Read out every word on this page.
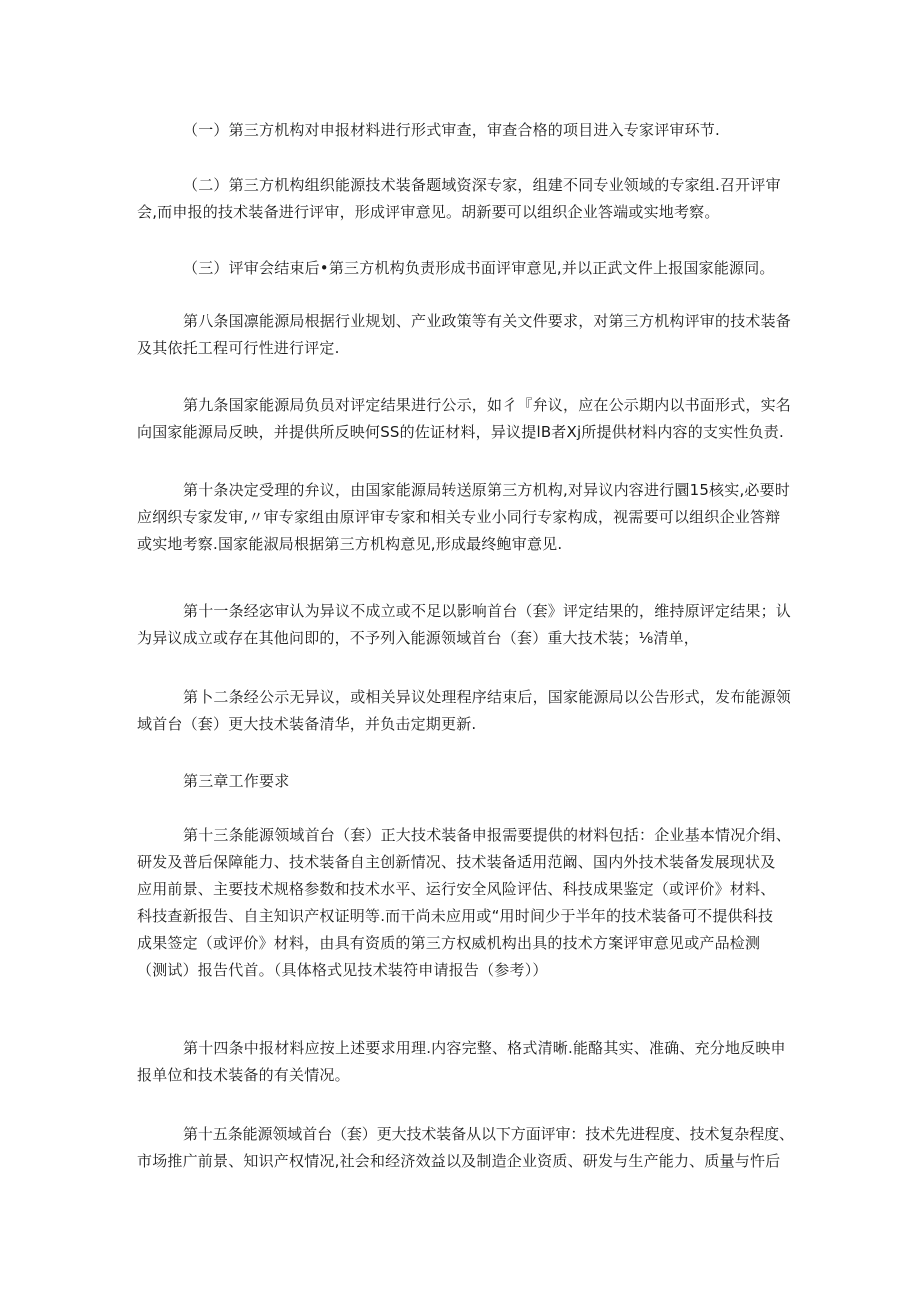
（一）第三方机构对申报材料进行形式审查，审查合格的项目进入专家评审环节.
（二）第三方机构组织能源技术装备题域资深专家，组建不同专业领域的专家组.召开评审
会,而申报的技术装备进行评审，形成评审意见。胡新要可以组织企业答端或实地考察。
（三）评审会结束后•第三方机构负责形成书面评审意见,并以正武文件上报国家能源同。
第八条国凛能源局根据行业规划、产业政策等有关文件要求，对第三方机构评审的技术装备
及其依托工程可行性进行评定.
第九条国家能源局负员对评定结果进行公示，如彳『弁议，应在公示期内以书面形式，实名
向国家能源局反映，并提供所反映何SS的佐证材料，异议提lB者Xj所提供材料内容的支实性负责.
第十条决定受理的弁议，由国家能源局转送原第三方机构,对异议内容进行圜15核实,必要时
应纲织专家发审,〃审专家组由原评审专家和相关专业小同行专家构成，视需要可以组织企业答辩
或实地考察.国家能淑局根据第三方机构意见,形成最终鲍审意见.
第十一条经宓审认为异议不成立或不足以影响首台（套》评定结果的，维持原评定结果；认
为异议成立或存在其他问即的，不予列入能源领域首台（套）重大技术装；⅛清单，
第卜二条经公示无异议，或相关异议处理程序结束后，国家能源局以公告形式，发布能源领
域首台（套）更大技术装备清华，并负击定期更新.
第三章工作要求
第十三条能源领域首台（套）正大技术装备申报需要提供的材料包括：企业基本情况介绢、
研发及普后保障能力、技术装备自主创新情况、技术装备适用范阚、国内外技术装备发展现状及
应用前景、主要技术规格参数和技术水平、运行安全风险评估、科技成果鉴定（或评价》材料、
科技查新报告、自主知识产权证明等.而干尚未应用或“用时间少于半年的技术装备可不提供科技
成果签定（或评价》材料，由具有资质的第三方权威机构出具的技术方案评审意见或产品检测
（测试）报告代首。（具体格式见技术装符申请报告（参考））
第十四条中报材料应按上述要求用理.内容完整、格式清晰.能酪其实、准确、充分地反映申
报单位和技术装备的有关情况。
第十五条能源领域首台（套）更大技术装备从以下方面评审：技术先进程度、技术复杂程度、
市场推广前景、知识产权情况,社会和经济效益以及制造企业资质、研发与生产能力、质量与忤后
